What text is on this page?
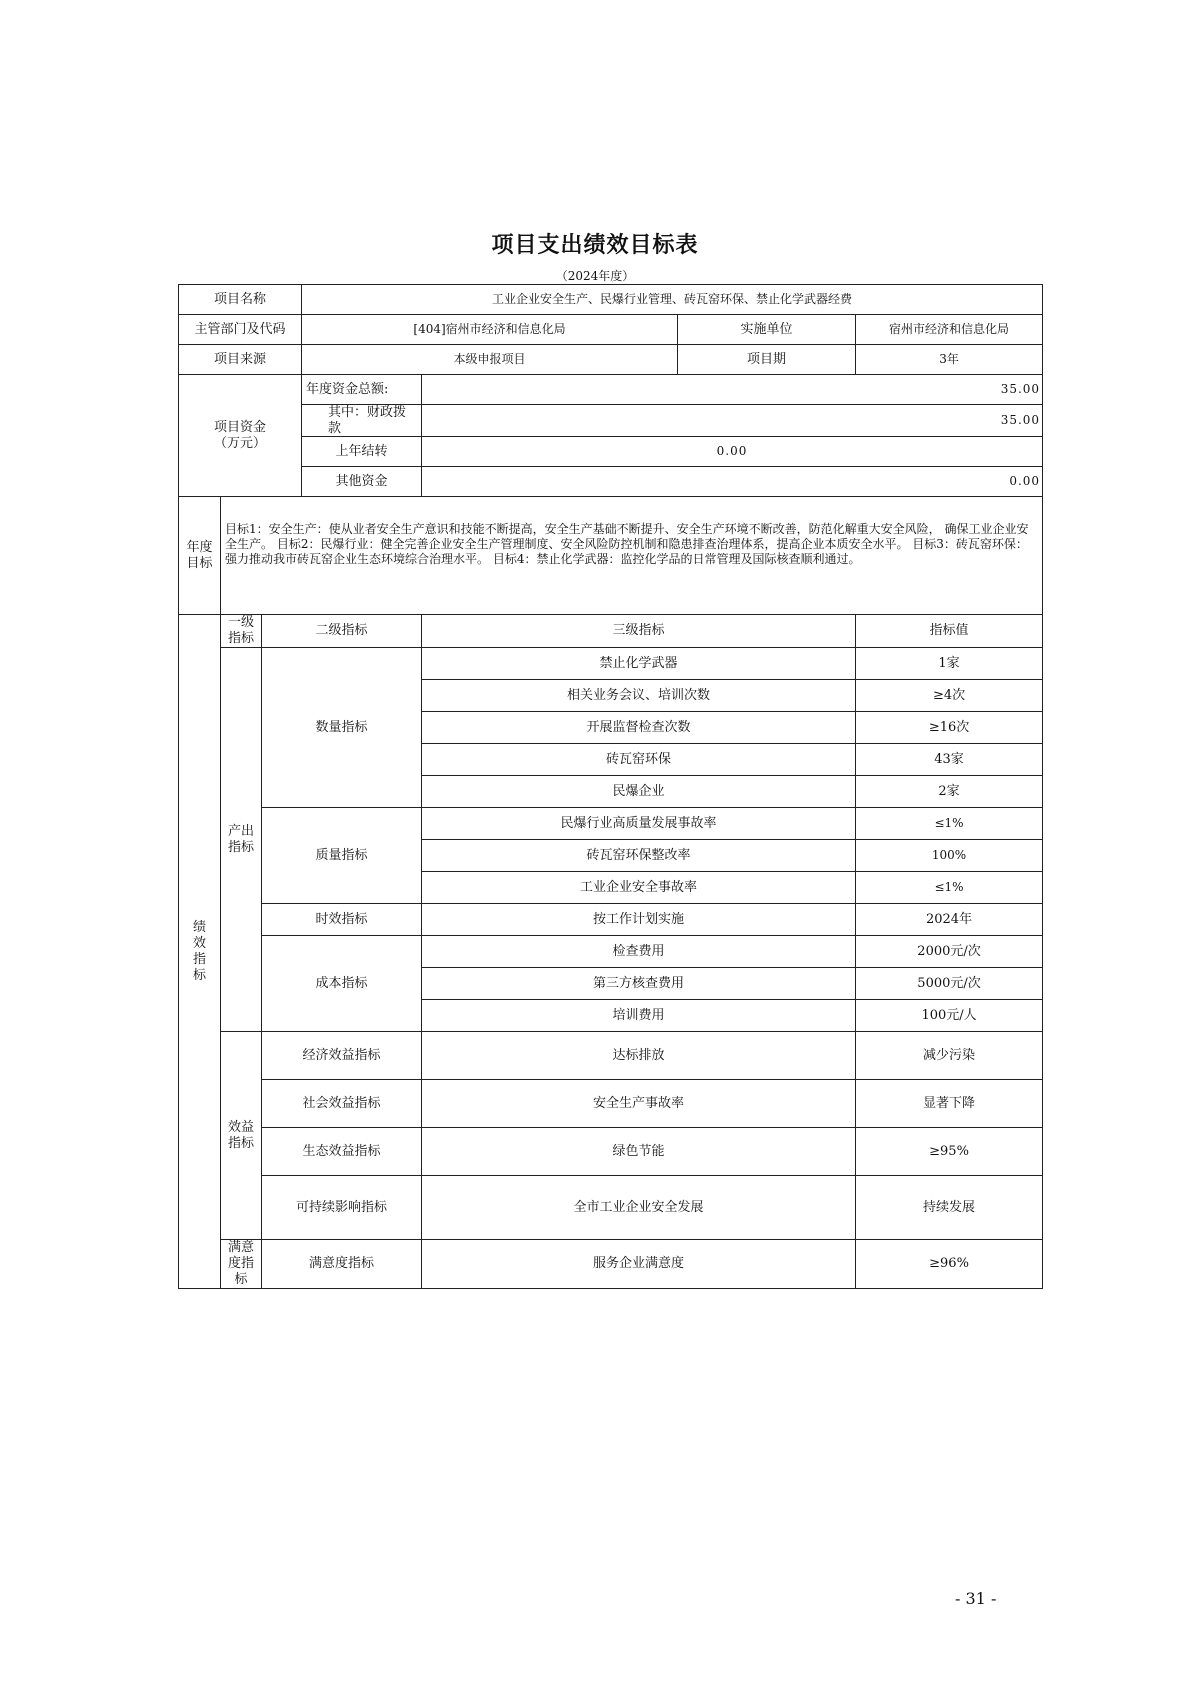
项目支出绩效目标表
（2024年度）
项目名称			工业企业安全生产、民爆行业管理、砖瓦窑环保、禁止化学武器经费			
主管部门及代码			[404]宿州市经济和信息化局		实施单位	宿州市经济和信息化局
项目来源			本级申报项目		项目期	3年
项目资金（万元）			年度资金总额:	35.00		
			其中：财政拨款	35.00		
			上年结转	0.00		
			其他资金	0.00		
年度目标	目标1：安全生产：使从业者安全生产意识和技能不断提高，安全生产基础不断提升、安全生产环境不断改善，防范化解重大安全风险， 确保工业企业安全生产。 目标2：民爆行业：健全完善企业安全生产管理制度、安全风险防控机制和隐患排查治理体系，提高企业本质安全水平。 目标3：砖瓦窑环保：强力推动我市砖瓦窑企业生态环境综合治理水平。 目标4：禁止化学武器：监控化学品的日常管理及国际核查顺利通过。					
绩效指标	一级指标	二级指标		三级指标		指标值
	产出指标	数量指标		禁止化学武器		1家
				相关业务会议、培训次数		≥4次
				开展监督检查次数		≥16次
				砖瓦窑环保		43家
				民爆企业		2家
		质量指标		民爆行业高质量发展事故率		≤1%
				砖瓦窑环保整改率		100%
				工业企业安全事故率		≤1%
		时效指标		按工作计划实施		2024年
		成本指标		检查费用		2000元/次
				第三方核查费用		5000元/次
				培训费用		100元/人
	效益指标	经济效益指标		达标排放		减少污染
		社会效益指标		安全生产事故率		显著下降
		生态效益指标		绿色节能		≥95%
		可持续影响指标		全市工业企业安全发展		持续发展
	满意度指标	满意度指标		服务企业满意度		≥96%
- 31 -
